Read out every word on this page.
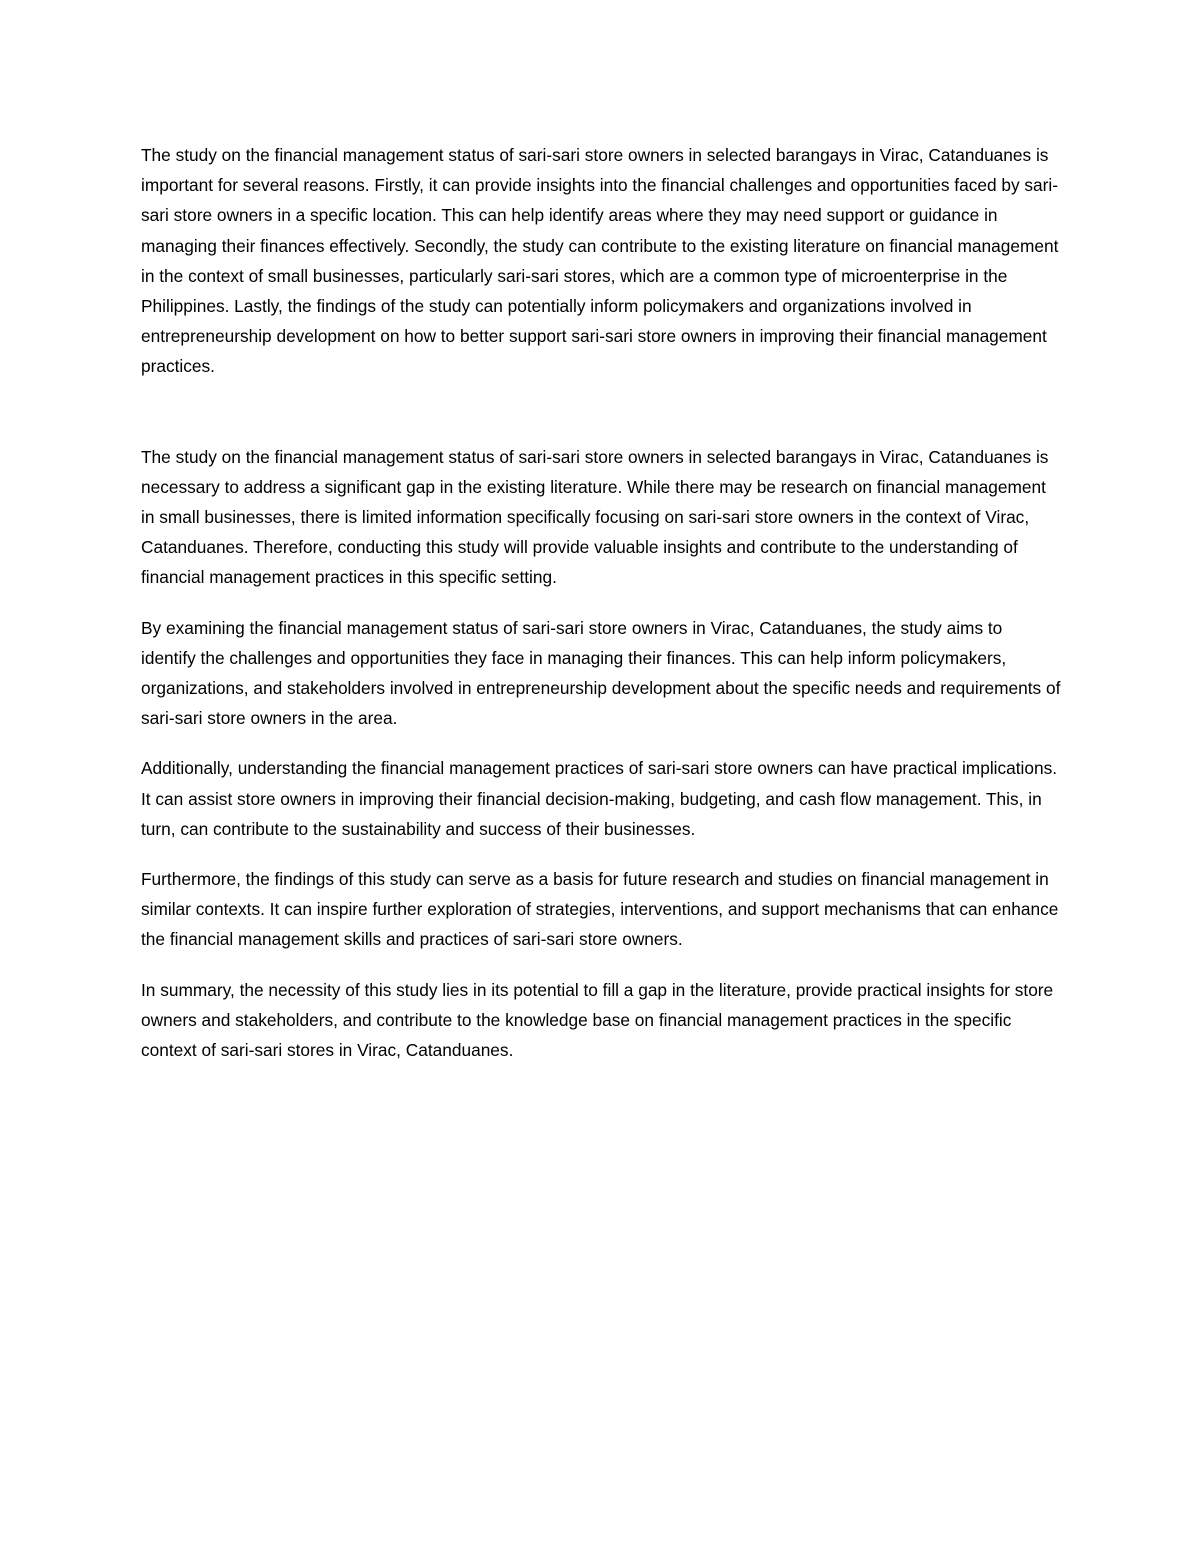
The study on the financial management status of sari-sari store owners in selected barangays in Virac, Catanduanes is important for several reasons. Firstly, it can provide insights into the financial challenges and opportunities faced by sari-sari store owners in a specific location. This can help identify areas where they may need support or guidance in managing their finances effectively. Secondly, the study can contribute to the existing literature on financial management in the context of small businesses, particularly sari-sari stores, which are a common type of microenterprise in the Philippines. Lastly, the findings of the study can potentially inform policymakers and organizations involved in entrepreneurship development on how to better support sari-sari store owners in improving their financial management practices.

The study on the financial management status of sari-sari store owners in selected barangays in Virac, Catanduanes is necessary to address a significant gap in the existing literature. While there may be research on financial management in small businesses, there is limited information specifically focusing on sari-sari store owners in the context of Virac, Catanduanes. Therefore, conducting this study will provide valuable insights and contribute to the understanding of financial management practices in this specific setting.

By examining the financial management status of sari-sari store owners in Virac, Catanduanes, the study aims to identify the challenges and opportunities they face in managing their finances. This can help inform policymakers, organizations, and stakeholders involved in entrepreneurship development about the specific needs and requirements of sari-sari store owners in the area.

Additionally, understanding the financial management practices of sari-sari store owners can have practical implications. It can assist store owners in improving their financial decision-making, budgeting, and cash flow management. This, in turn, can contribute to the sustainability and success of their businesses.

Furthermore, the findings of this study can serve as a basis for future research and studies on financial management in similar contexts. It can inspire further exploration of strategies, interventions, and support mechanisms that can enhance the financial management skills and practices of sari-sari store owners.

In summary, the necessity of this study lies in its potential to fill a gap in the literature, provide practical insights for store owners and stakeholders, and contribute to the knowledge base on financial management practices in the specific context of sari-sari stores in Virac, Catanduanes.
